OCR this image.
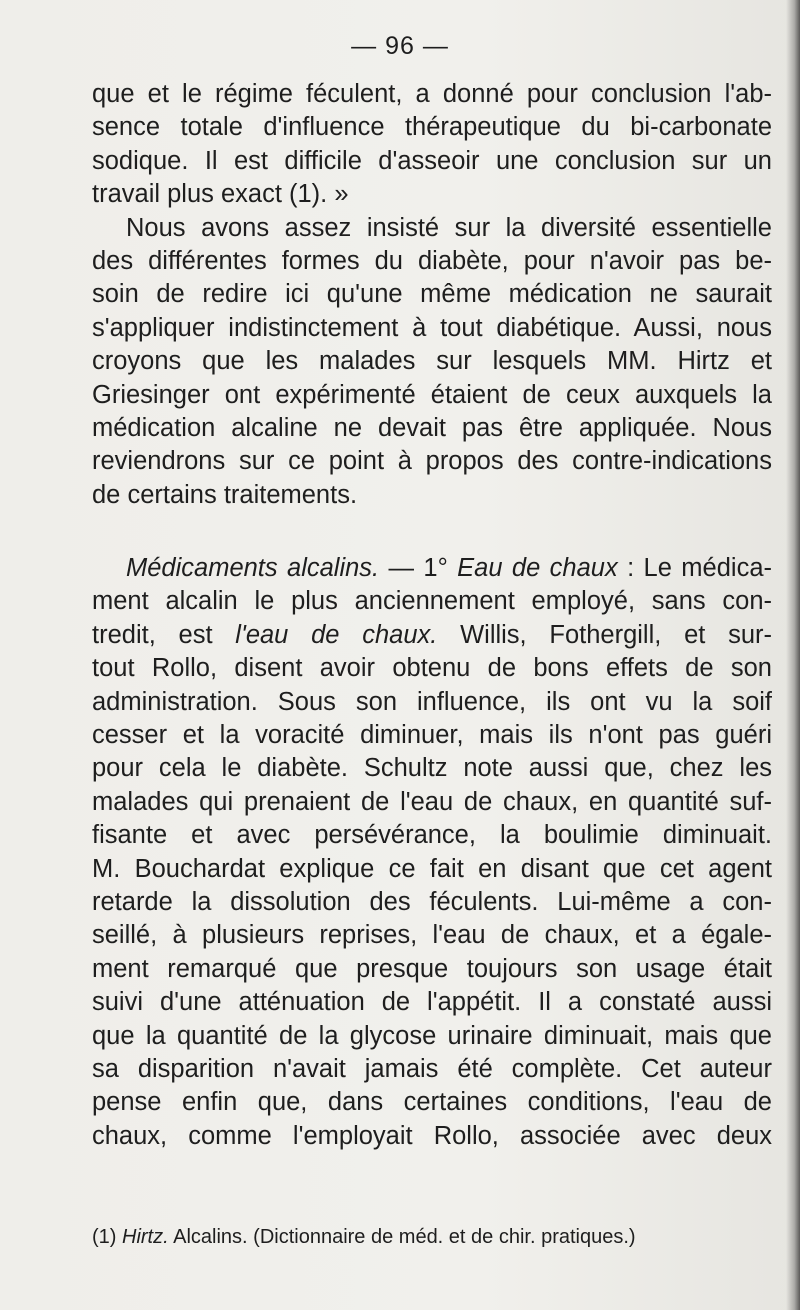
— 96 —
que et le régime féculent, a donné pour conclusion l'ab-
sence totale d'influence thérapeutique du bi-carbonate
sodique. Il est difficile d'asseoir une conclusion sur un
travail plus exact (1). »
Nous avons assez insisté sur la diversité essentielle
des différentes formes du diabète, pour n'avoir pas be-
soin de redire ici qu'une même médication ne saurait
s'appliquer indistinctement à tout diabétique. Aussi, nous
croyons que les malades sur lesquels MM. Hirtz et
Griesinger ont expérimenté étaient de ceux auxquels la
médication alcaline ne devait pas être appliquée. Nous
reviendrons sur ce point à propos des contre-indications
de certains traitements.
Médicaments alcalins. — 1° Eau de chaux : Le médica-
ment alcalin le plus anciennement employé, sans con-
tredit, est l'eau de chaux. Willis, Fothergill, et sur-
tout Rollo, disent avoir obtenu de bons effets de son
administration. Sous son influence, ils ont vu la soif
cesser et la voracité diminuer, mais ils n'ont pas guéri
pour cela le diabète. Schultz note aussi que, chez les
malades qui prenaient de l'eau de chaux, en quantité suf-
fisante et avec persévérance, la boulimie diminuait.
M. Bouchardat explique ce fait en disant que cet agent
retarde la dissolution des féculents. Lui-même a con-
seillé, à plusieurs reprises, l'eau de chaux, et a égale-
ment remarqué que presque toujours son usage était
suivi d'une atténuation de l'appétit. Il a constaté aussi
que la quantité de la glycose urinaire diminuait, mais que
sa disparition n'avait jamais été complète. Cet auteur
pense enfin que, dans certaines conditions, l'eau de
chaux, comme l'employait Rollo, associée avec deux
(1) Hirtz. Alcalins. (Dictionnaire de méd. et de chir. pratiques.)
